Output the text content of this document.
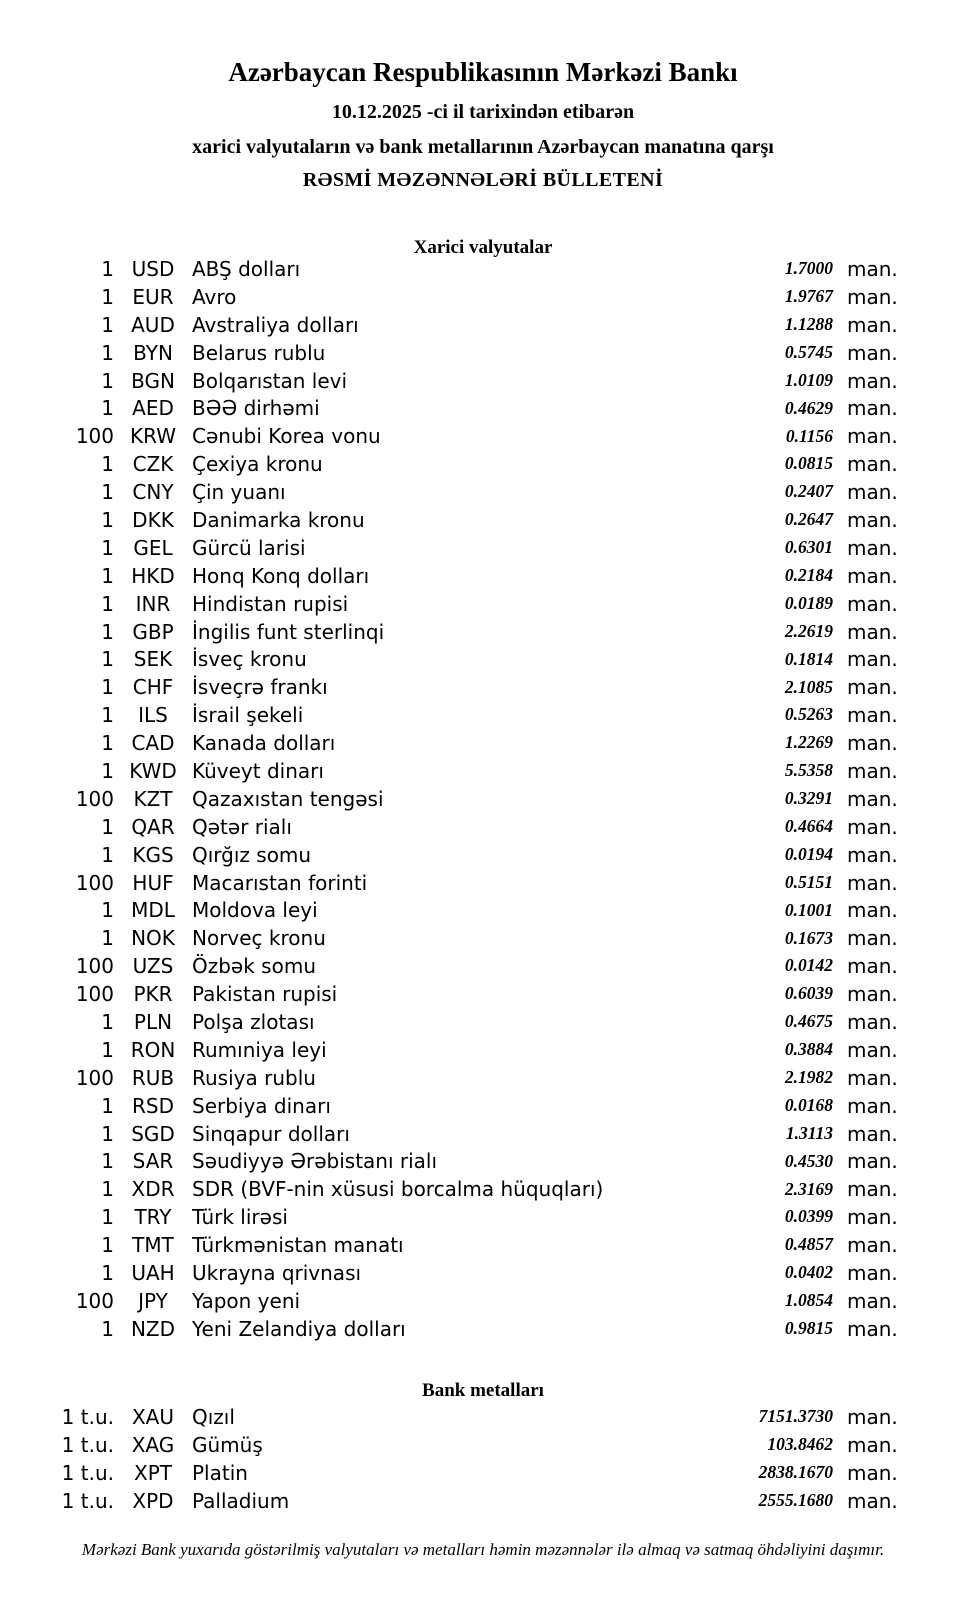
Azərbaycan Respublikasının Mərkəzi Bankı
10.12.2025 -ci il tarixindən etibarən
xarici valyutaların və bank metallarının Azərbaycan manatına qarşı
RƏSMİ MƏZƏNNƏLƏRİ BÜLLETENİ
Xarici valyutalar
1 USD ABŞ dolları	1.7000 man.
1 EUR Avro	1.9767 man.
1 AUD Avstraliya dolları	1.1288 man.
1 BYN Belarus rublu	0.5745 man.
1 BGN Bolqarıstan levi	1.0109 man.
1 AED BƏƏ dirhəmi	0.4629 man.
100 KRW Cənubi Korea vonu	0.1156 man.
1 CZK Çexiya kronu	0.0815 man.
1 CNY Çin yuanı	0.2407 man.
1 DKK Danimarka kronu	0.2647 man.
1 GEL Gürcü larisi	0.6301 man.
1 HKD Honq Konq dolları	0.2184 man.
1	INR	Hindistan rupisi	0.0189 man.
1 GBP İngilis funt sterlinqi	2.2619 man.
1 SEK İsveç kronu	0.1814 man.
1 CHF İsveçrə frankı	2.1085 man.
1	ILS	İsrail şekeli	0.5263 man.
1 CAD Kanada dolları	1.2269 man.
1 KWD Küveyt dinarı	5.5358 man.
100 KZT Qazaxıstan tengəsi	0.3291 man.
1 QAR Qətər rialı	0.4664 man.
1 KGS Qırğız somu	0.0194 man.
100 HUF Macarıstan forinti	0.5151 man.
1 MDL Moldova leyi	0.1001 man.
1 NOK Norveç kronu	0.1673 man.
100 UZS Özbək somu	0.0142 man.
100 PKR Pakistan rupisi	0.6039 man.
1 PLN Polşa zlotası	0.4675 man.
1 RON Rumıniya leyi	0.3884 man.
100 RUB Rusiya rublu	2.1982 man.
1 RSD Serbiya dinarı	0.0168 man.
1 SGD Sinqapur dolları	1.3113 man.
1 SAR Səudiyyə Ərəbistanı rialı	0.4530 man.
1 XDR SDR (BVF-nin xüsusi borcalma hüquqları)	2.3169 man.
1	TRY	Türk lirəsi	0.0399 man.
1 TMT Türkmənistan manatı	0.4857 man.
1 UAH Ukrayna qrivnası	0.0402 man.
100	JPY	Yapon yeni	1.0854 man.
1 NZD Yeni Zelandiya dolları	0.9815 man.
Bank metalları
1 t.u. XAU Qızıl	7151.3730 man.
1 t.u. XAG Gümüş	103.8462 man.
1 t.u.	XPT	Platin	2838.1670 man.
1 t.u. XPD Palladium	2555.1680 man.
Mərkəzi Bank yuxarıda göstərilmiş valyutaları və metalları həmin məzənnələr ilə almaq və satmaq öhdəliyini daşımır.
